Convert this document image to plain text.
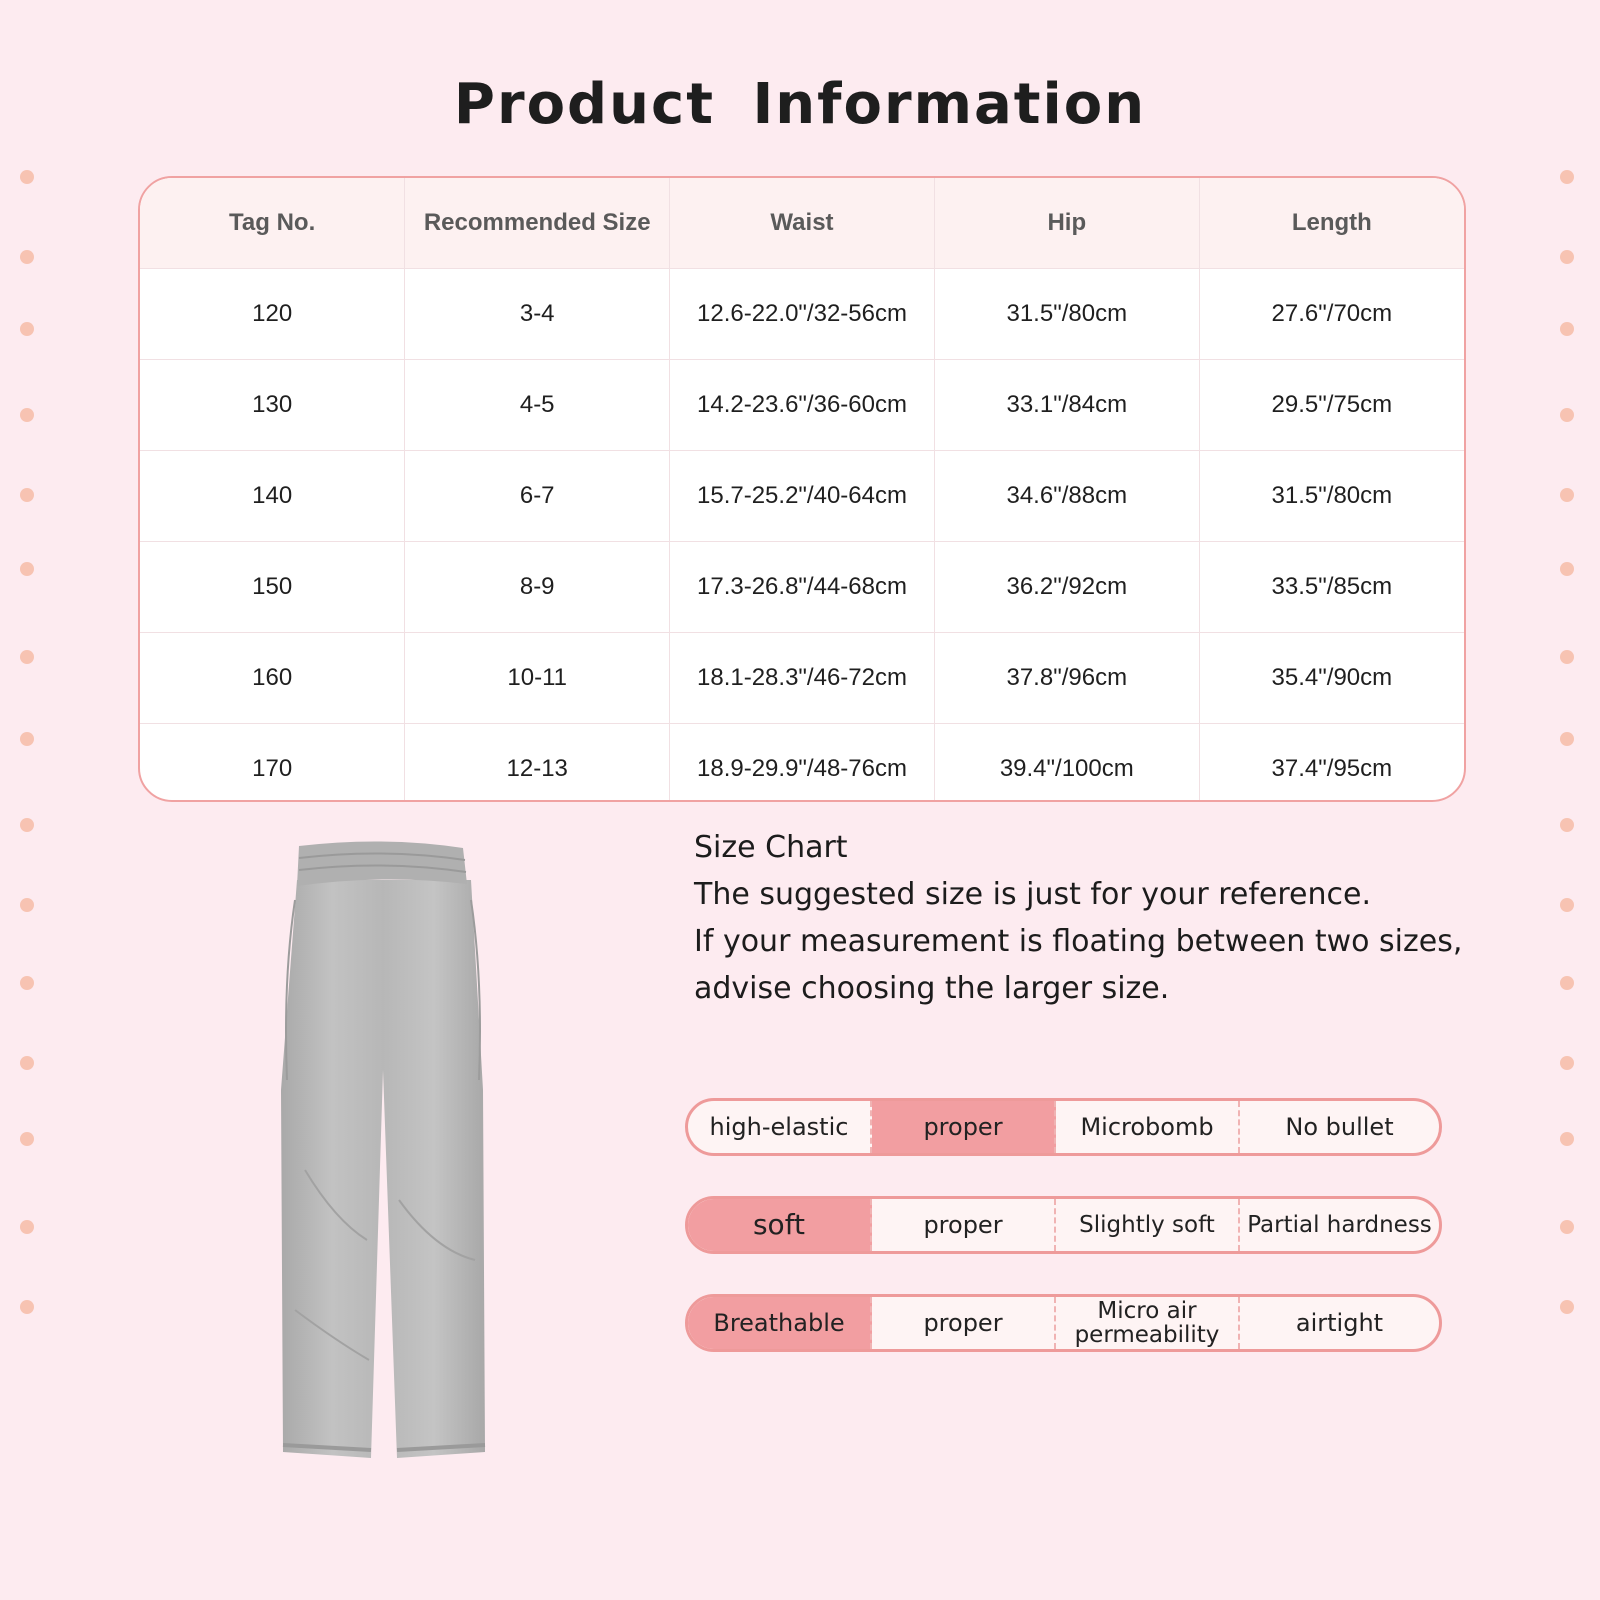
Product Information
Tag No.	Recommended Size	Waist	Hip	Length
120	3-4	12.6-22.0"/32-56cm	31.5"/80cm	27.6"/70cm
130	4-5	14.2-23.6"/36-60cm	33.1"/84cm	29.5"/75cm
140	6-7	15.7-25.2"/40-64cm	34.6"/88cm	31.5"/80cm
150	8-9	17.3-26.8"/44-68cm	36.2"/92cm	33.5"/85cm
160	10-11	18.1-28.3"/46-72cm	37.8"/96cm	35.4"/90cm
170	12-13	18.9-29.9"/48-76cm	39.4"/100cm	37.4"/95cm
Size Chart
The suggested size is just for your reference.
If your measurement is floating between two sizes,
advise choosing the larger size.
high-elastic	proper	Microbomb	No bullet
soft	proper	Slightly soft	Partial hardness
Breathable	proper	Micro air permeability	airtight
